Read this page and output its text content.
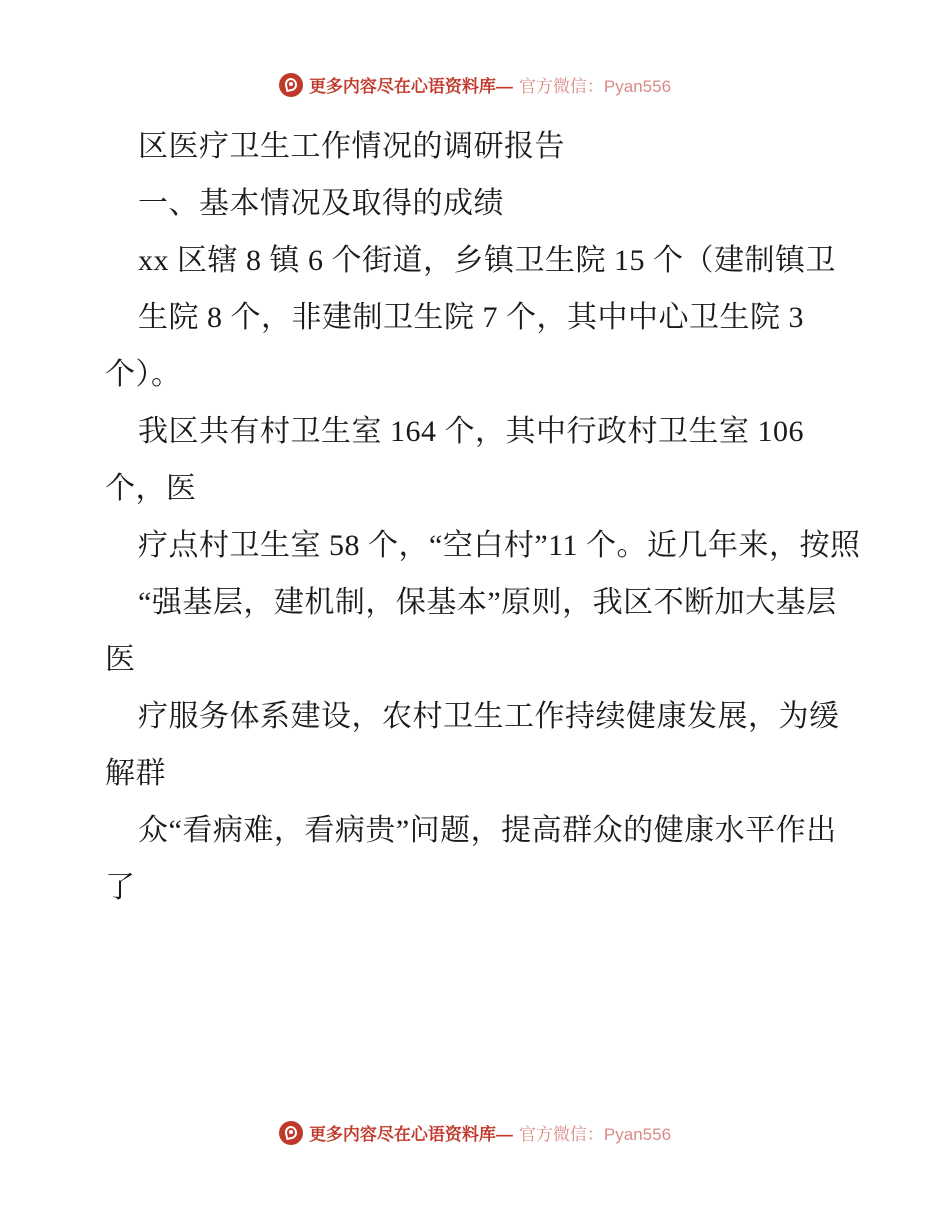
更多内容尽在心语资料库— 官方微信：Pyan556

区医疗卫生工作情况的调研报告

一、基本情况及取得的成绩

xx 区辖 8 镇 6 个街道，乡镇卫生院 15 个（建制镇卫

生院 8 个，非建制卫生院 7 个，其中中心卫生院 3 个）。

我区共有村卫生室 164 个，其中行政村卫生室 106 个，医

疗点村卫生室 58 个，“空白村”11 个。近几年来，按照

“强基层，建机制，保基本”原则，我区不断加大基层医

疗服务体系建设，农村卫生工作持续健康发展，为缓解群

众“看病难，看病贵”问题，提高群众的健康水平作出了

更多内容尽在心语资料库— 官方微信：Pyan556
